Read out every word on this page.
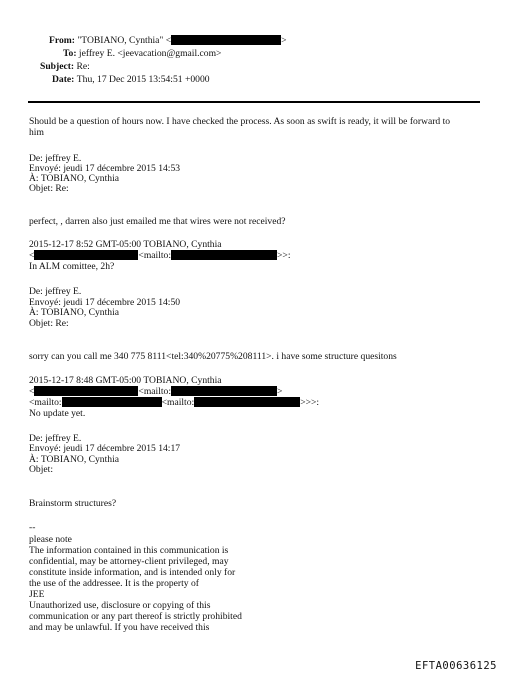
From: "TOBIANO, Cynthia" <	>
To: jeffrey E. <jeevacation@gmail.com>
Subject: Re:
Date: Thu, 17 Dec 2015 13:54:51 +0000
Should be a question of hours now. I have checked the process. As soon as swift is ready, it will be forward to
him
De: jeffrey E.
Envoyé: jeudi 17 décembre 2015 14:53
À: TOBIANO, Cynthia
Objet: Re:
perfect, , darren also just emailed me that wires were not received?
2015-12-17 8:52 GMT-05:00 TOBIANO, Cynthia
<	<mailto:	>>:
In ALM comittee, 2h?
De: jeffrey E.
Envoyé: jeudi 17 décembre 2015 14:50
À: TOBIANO, Cynthia
Objet: Re:
sorry can you call me 340 775 8111<tel:340%20775%208111>. i have some structure quesitons
2015-12-17 8:48 GMT-05:00 TOBIANO, Cynthia
<	<mailto:	>
<mailto:	<mailto:	>>>:
No update yet.
De: jeffrey E.
Envoyé: jeudi 17 décembre 2015 14:17
À: TOBIANO, Cynthia
Objet:
Brainstorm structures?
--
please note
The information contained in this communication is
confidential, may be attorney-client privileged, may
constitute inside information, and is intended only for
the use of the addressee. It is the property of
JEE
Unauthorized use, disclosure or copying of this
communication or any part thereof is strictly prohibited
and may be unlawful. If you have received this
EFTA00636125
